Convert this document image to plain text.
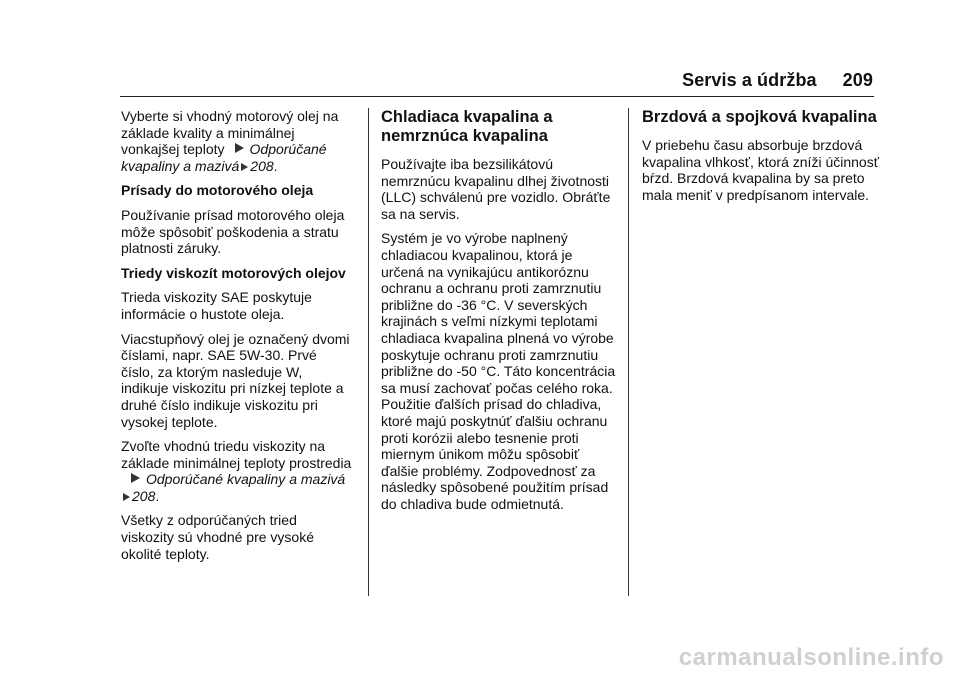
Servis a údržba 209

Vyberte si vhodný motorový olej na základe kvality a minimálnej vonkajšej teploty Odporúčané kvapaliny a mazivá 208.

Prísady do motorového oleja

Používanie prísad motorového oleja môže spôsobiť poškodenia a stratu platnosti záruky.

Triedy viskozít motorových olejov

Trieda viskozity SAE poskytuje informácie o hustote oleja.

Viacstupňový olej je označený dvomi číslami, napr. SAE 5W-30. Prvé číslo, za ktorým nasleduje W, indikuje viskozitu pri nízkej teplote a druhé číslo indikuje viskozitu pri vysokej teplote.

Zvoľte vhodnú triedu viskozity na základe minimálnej teploty prostrediaOdporúčané kvapaliny a mazivá208.

Všetky z odporúčaných tried viskozity sú vhodné pre vysoké okolité teploty.

Chladiaca kvapalina a nemrznúca kvapalina

Používajte iba bezsilikátovú nemrznúcu kvapalinu dlhej životnosti (LLC) schválenú pre vozidlo. Obráťte sa na servis.

Systém je vo výrobe naplnený chladiacou kvapalinou, ktorá je určená na vynikajúcu antikoróznu ochranu a ochranu proti zamrznutiu približne do -36 °C. V severských krajinách s veľmi nízkymi teplotami chladiaca kvapalina plnená vo výrobe poskytuje ochranu proti zamrznutiu približne do -50 °C. Táto koncentrácia sa musí zachovať počas celého roka. Použitie ďalších prísad do chladiva, ktoré majú poskytnúť ďalšiu ochranu proti korózii alebo tesnenie proti miernym únikom môžu spôsobiť ďalšie problémy. Zodpovednosť za následky spôsobené použitím prísad do chladiva bude odmietnutá.

Brzdová a spojková kvapalina

V priebehu času absorbuje brzdová kvapalina vlhkosť, ktorá zníži účinnosť bŕzd. Brzdová kvapalina by sa preto mala meniť v predpísanom intervale.

carmanualsonline.info
